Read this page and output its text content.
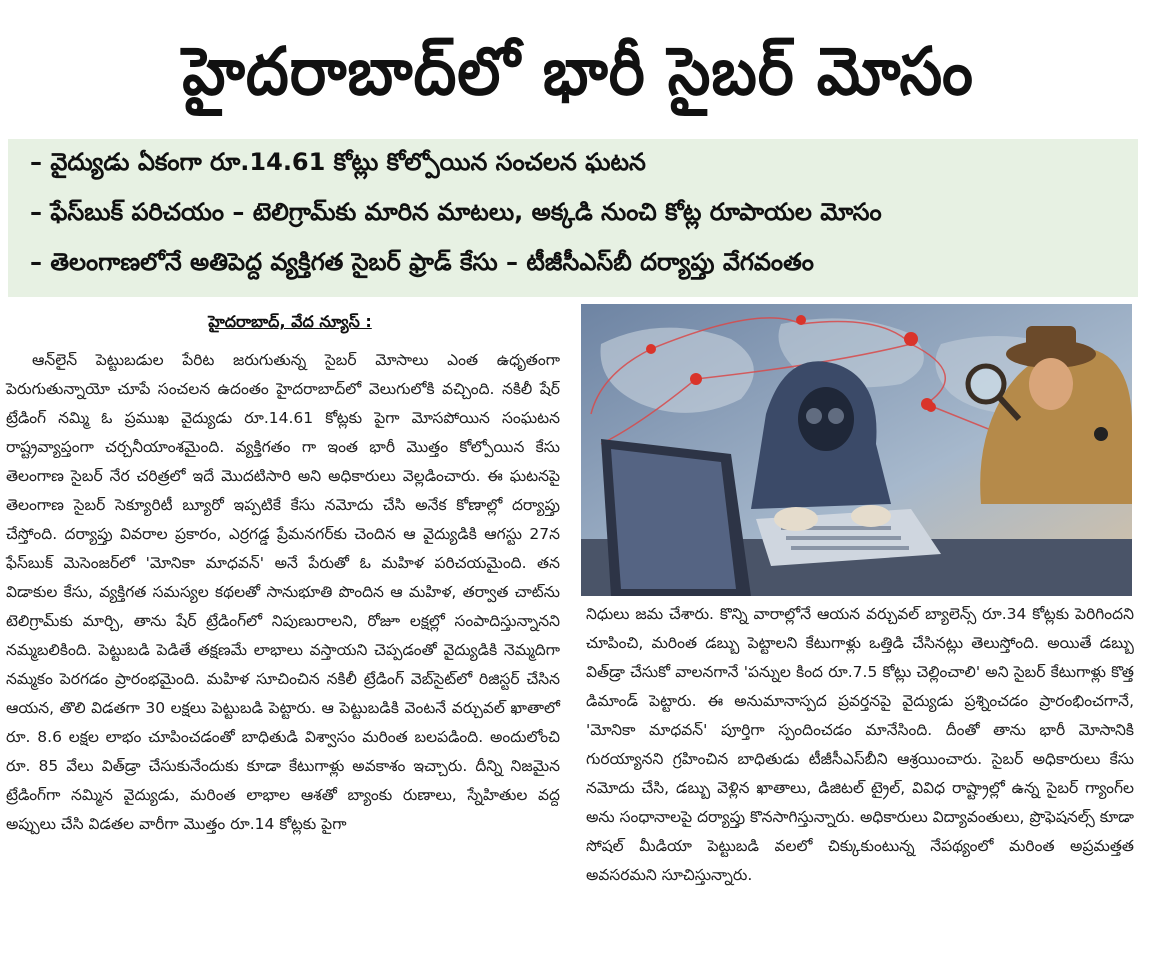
హైదరాబాద్‌లో భారీ సైబర్ మోసం
– వైద్యుడు ఏకంగా రూ.14.61 కోట్లు కోల్పోయిన సంచలన ఘటన
– ఫేస్‌బుక్ పరిచయం – టెలిగ్రామ్‌కు మారిన మాటలు, అక్కడి నుంచి కోట్ల రూపాయల మోసం
– తెలంగాణలోనే అతిపెద్ద వ్యక్తిగత సైబర్ ఫ్రాడ్ కేసు – టీజీసీఎస్‌బీ దర్యాప్తు వేగవంతం
హైదరాబాద్, వేద న్యూస్ :

ఆన్‌లైన్ పెట్టుబడుల పేరిట జరుగుతున్న సైబర్ మోసాలు ఎంత ఉధృతంగా పెరుగుతున్నాయో చూపే సంచలన ఉదంతం హైదరాబాద్‌లో వెలుగులోకి వచ్చింది. నకిలీ షేర్ ట్రేడింగ్ నమ్మి ఓ ప్రముఖ వైద్యుడు రూ.14.61 కోట్లకు పైగా మోసపోయిన సంఘటన రాష్ట్రవ్యాప్తంగా చర్చనీయాంశమైంది. వ్యక్తిగతం గా ఇంత భారీ మొత్తం కోల్పోయిన కేసు తెలంగాణ సైబర్ నేర చరిత్రలో ఇదే మొదటిసారి అని అధికారులు వెల్లడించారు. ఈ ఘటనపై తెలంగాణ సైబర్ సెక్యూరిటీ బ్యూరో ఇప్పటికే కేసు నమోదు చేసి అనేక కోణాల్లో దర్యాప్తు చేస్తోంది. దర్యాప్తు వివరాల ప్రకారం, ఎర్రగడ్డ ప్రేమనగర్‌కు చెందిన ఆ వైద్యుడికి ఆగస్టు 27న ఫేస్‌బుక్ మెసెంజర్‌లో 'మోనికా మాధవన్' అనే పేరుతో ఓ మహిళ పరిచయమైంది. తన విడాకుల కేసు, వ్యక్తిగత సమస్యల కథలతో సానుభూతి పొందిన ఆ మహిళ, తర్వాత చాట్‌ను టెలిగ్రామ్‌కు మార్చి, తాను షేర్ ట్రేడింగ్‌లో నిపుణురాలని, రోజూ లక్షల్లో సంపాదిస్తున్నానని నమ్మబలికింది. పెట్టుబడి పెడితే తక్షణమే లాభాలు వస్తాయని చెప్పడంతో వైద్యుడికి నెమ్మదిగా నమ్మకం పెరగడం ప్రారంభమైంది. మహిళ సూచించిన నకిలీ ట్రేడింగ్ వెబ్‌సైట్‌లో రిజిస్టర్ చేసిన ఆయన, తొలి విడతగా 30 లక్షలు పెట్టుబడి పెట్టారు. ఆ పెట్టుబడికి వెంటనే వర్చువల్ ఖాతాలో రూ. 8.6 లక్షల లాభం చూపించడంతో బాధితుడి విశ్వాసం మరింత బలపడింది. అందులోంచి రూ. 85 వేలు విత్‌డ్రా చేసుకునేందుకు కూడా కేటుగాళ్లు అవకాశం ఇచ్చారు. దీన్ని నిజమైన ట్రేడింగ్‌గా నమ్మిన వైద్యుడు, మరింత లాభాల ఆశతో బ్యాంకు రుణాలు, స్నేహితుల వద్ద అప్పులు చేసి విడతల వారీగా మొత్తం రూ.14 కోట్లకు పైగా

నిధులు జమ చేశారు. కొన్ని వారాల్లోనే ఆయన వర్చువల్ బ్యాలెన్స్ రూ.34 కోట్లకు పెరిగిందని చూపించి, మరింత డబ్బు పెట్టాలని కేటుగాళ్లు ఒత్తిడి చేసినట్లు తెలుస్తోంది. అయితే డబ్బు విత్‌డ్రా చేసుకో వాలనగానే 'పన్నుల కింద రూ.7.5 కోట్లు చెల్లించాలి' అని సైబర్ కేటుగాళ్లు కొత్త డిమాండ్ పెట్టారు. ఈ అనుమానాస్పద ప్రవర్తనపై వైద్యుడు ప్రశ్నించడం ప్రారంభించగానే, 'మోనికా మాధవన్' పూర్తిగా స్పందించడం మానేసింది. దీంతో తాను భారీ మోసానికి గురయ్యానని గ్రహించిన బాధితుడు టీజీసీఎస్‌బీని ఆశ్రయించారు. సైబర్ అధికారులు కేసు నమోదు చేసి, డబ్బు వెళ్లిన ఖాతాలు, డిజిటల్ ట్రైల్, వివిధ రాష్ట్రాల్లో ఉన్న సైబర్ గ్యాంగ్‌ల అను సంధానాలపై దర్యాప్తు కొనసాగిస్తున్నారు. అధికారులు విద్యావంతులు, ప్రొఫెషనల్స్ కూడా సోషల్ మీడియా పెట్టుబడి వలలో చిక్కుకుంటున్న నేపథ్యంలో మరింత అప్రమత్తత అవసరమని సూచిస్తున్నారు.
